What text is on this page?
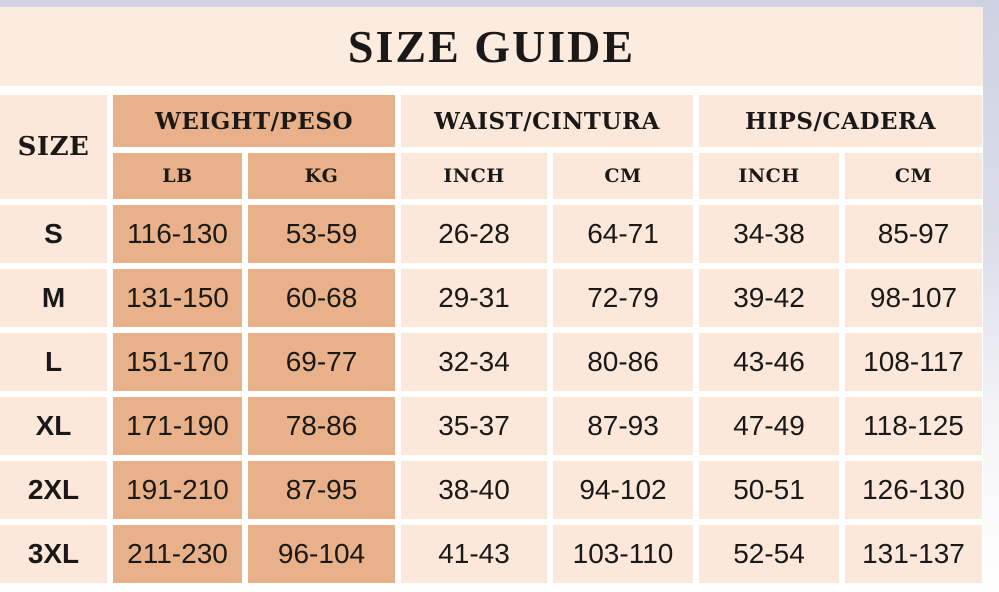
SIZE GUIDE
SIZE
WEIGHT/PESO	WAIST/CINTURA	HIPS/CADERA
LB	KG	INCH	CM	INCH	CM
S	116-130	53-59	26-28	64-71	34-38	85-97
M	131-150	60-68	29-31	72-79	39-42	98-107
L	151-170	69-77	32-34	80-86	43-46	108-117
XL	171-190	78-86	35-37	87-93	47-49	118-125
2XL	191-210	87-95	38-40	94-102	50-51	126-130
3XL	211-230	96-104	41-43	103-110	52-54	131-137
